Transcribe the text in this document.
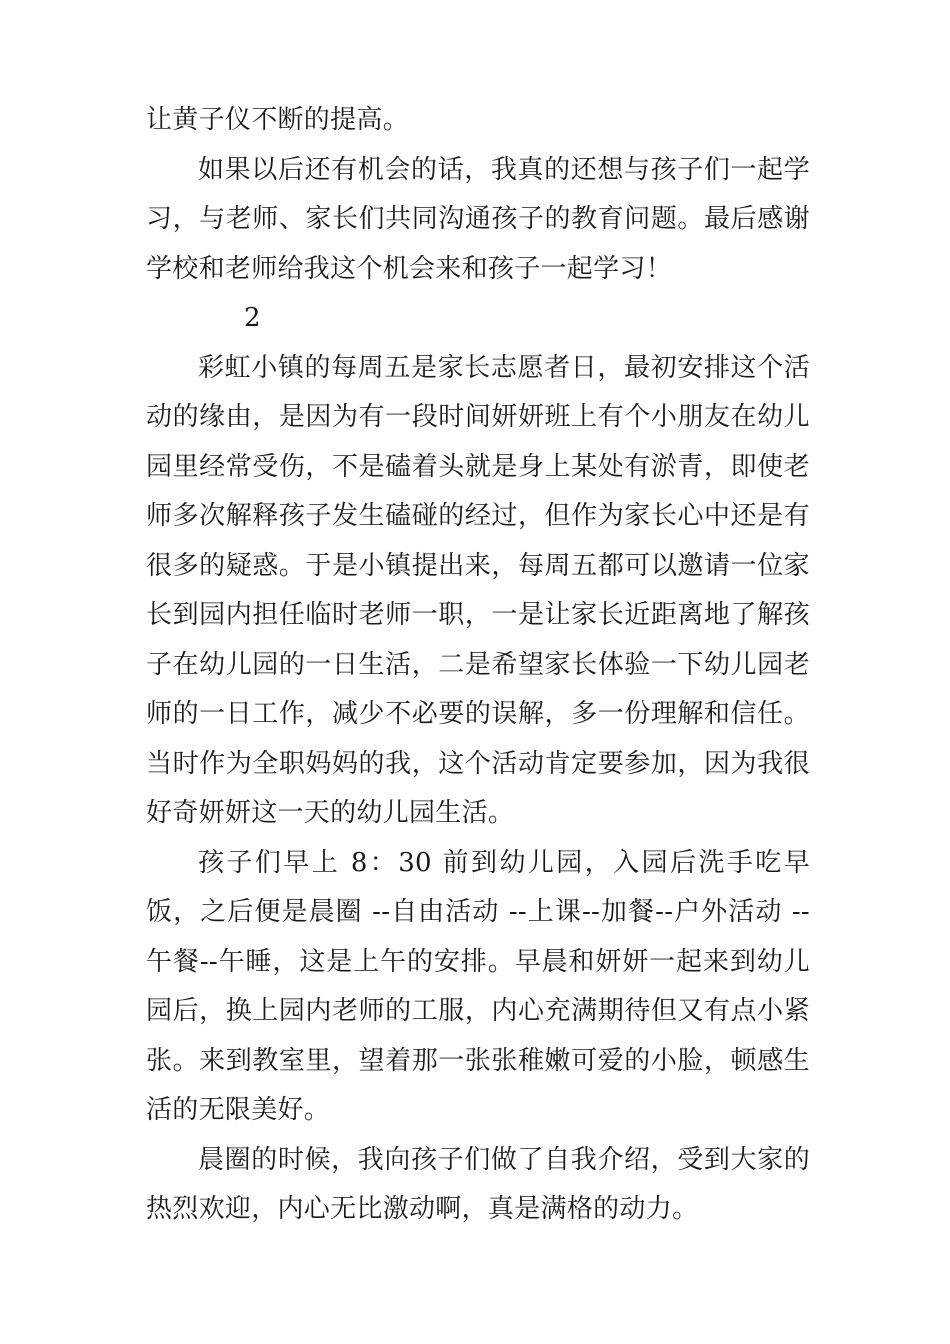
让黄子仪不断的提高。

如果以后还有机会的话，我真的还想与孩子们一起学习，与老师、家长们共同沟通孩子的教育问题。最后感谢学校和老师给我这个机会来和孩子一起学习！

2

彩虹小镇的每周五是家长志愿者日，最初安排这个活动的缘由，是因为有一段时间妍妍班上有个小朋友在幼儿园里经常受伤，不是磕着头就是身上某处有淤青，即使老师多次解释孩子发生磕碰的经过，但作为家长心中还是有很多的疑惑。于是小镇提出来，每周五都可以邀请一位家长到园内担任临时老师一职，一是让家长近距离地了解孩子在幼儿园的一日生活，二是希望家长体验一下幼儿园老师的一日工作，减少不必要的误解，多一份理解和信任。当时作为全职妈妈的我，这个活动肯定要参加，因为我很好奇妍妍这一天的幼儿园生活。

孩子们早上 8：30 前到幼儿园，入园后洗手吃早饭，之后便是晨圈 --自由活动 --上课--加餐--户外活动 --午餐--午睡，这是上午的安排。早晨和妍妍一起来到幼儿园后，换上园内老师的工服，内心充满期待但又有点小紧张。来到教室里，望着那一张张稚嫩可爱的小脸，顿感生活的无限美好。

晨圈的时候，我向孩子们做了自我介绍，受到大家的热烈欢迎，内心无比激动啊，真是满格的动力。
